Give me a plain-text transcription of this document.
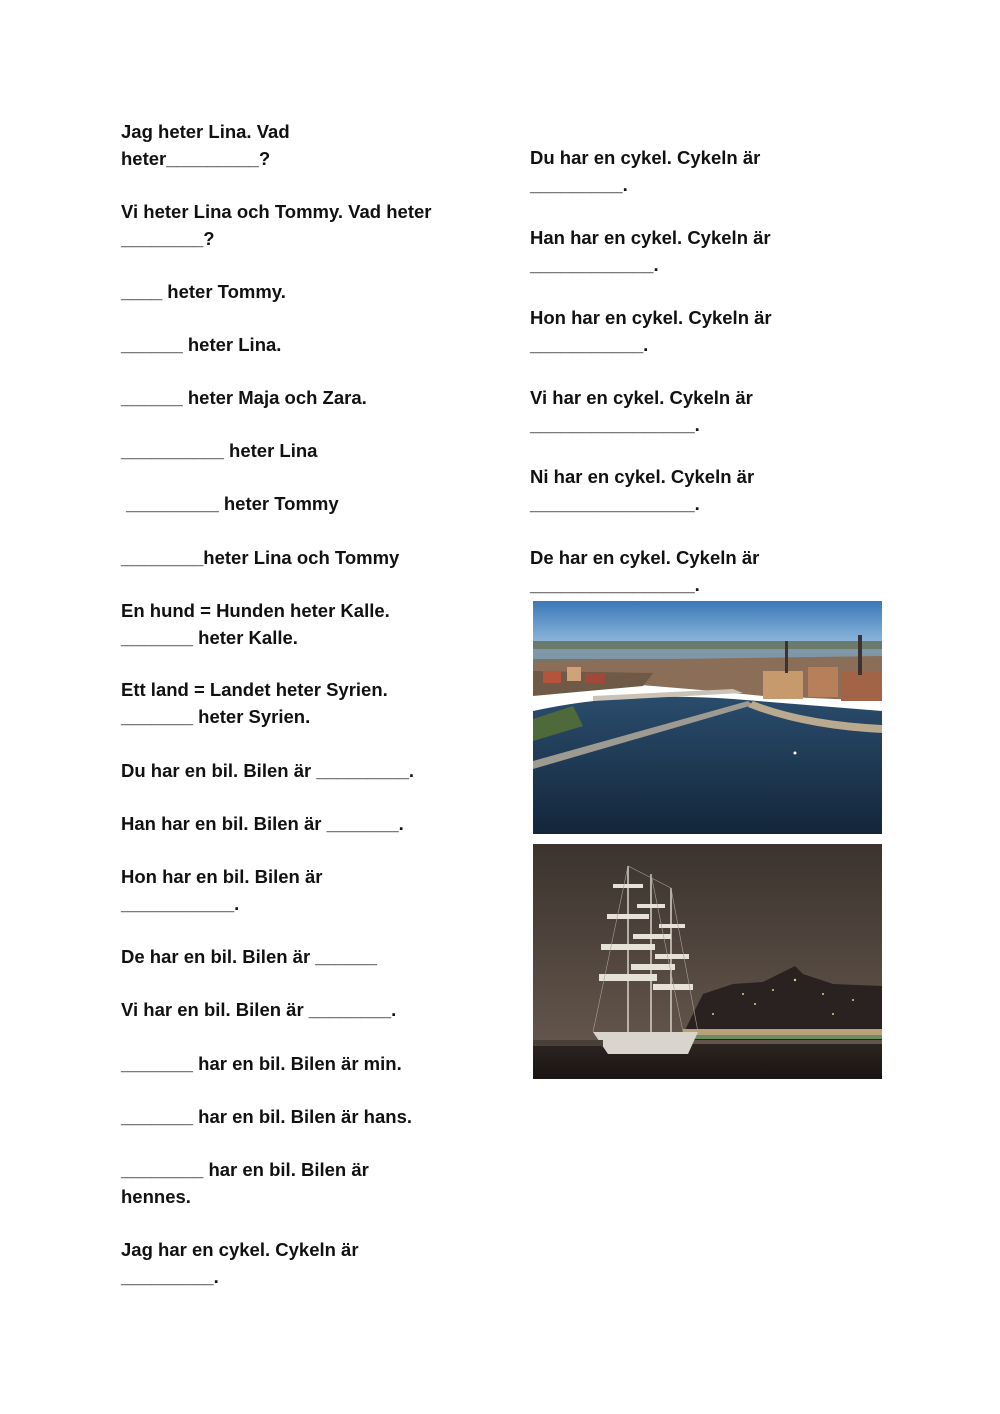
Jag heter Lina. Vad
heter_________?

Vi heter Lina och Tommy. Vad heter
________?

____ heter Tommy.

______ heter Lina.

______ heter Maja och Zara.

__________ heter Lina

_________ heter Tommy

________heter Lina och Tommy

En hund = Hunden heter Kalle.
_______ heter Kalle.

Ett land = Landet heter Syrien.
_______ heter Syrien.

Du har en bil. Bilen är _________.

Han har en bil. Bilen är _______.

Hon har en bil. Bilen är
___________.

De har en bil. Bilen är ______

Vi har en bil. Bilen är ________.

_______ har en bil. Bilen är min.

_______ har en bil. Bilen är hans.

________ har en bil. Bilen är
hennes.

Jag har en cykel. Cykeln är
_________.

Du har en cykel. Cykeln är
_________.

Han har en cykel. Cykeln är
____________.

Hon har en cykel. Cykeln är
___________.

Vi har en cykel. Cykeln är
________________.

Ni har en cykel. Cykeln är
________________.

De har en cykel. Cykeln är
________________.
